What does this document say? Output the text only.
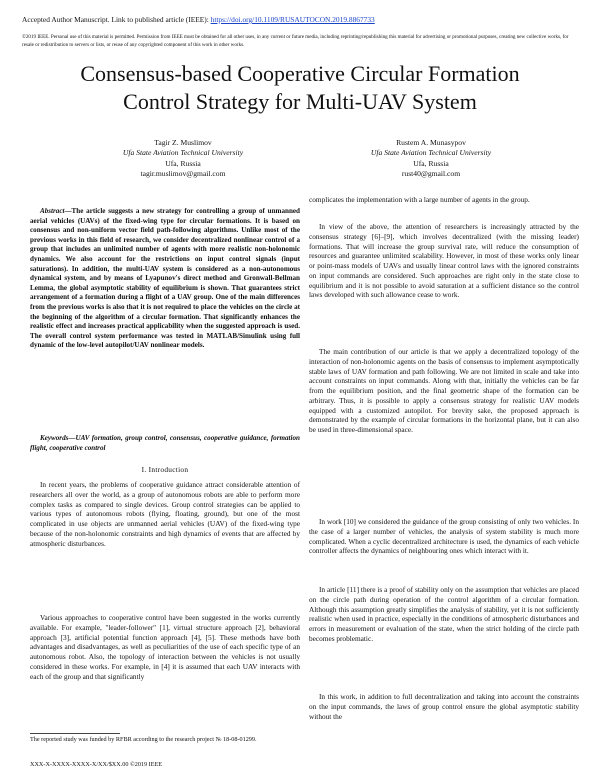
Accepted Author Manuscript. Link to published article (IEEE): https://doi.org/10.1109/RUSAUTOCON.2019.8867733
©2019 IEEE. Personal use of this material is permitted. Permission from IEEE must be obtained for all other uses, in any current or future media, including reprinting/republishing this material for advertising or promotional purposes, creating new collective works, for resale or redistribution to servers or lists, or reuse of any copyrighted component of this work in other works.
Consensus-based Cooperative Circular Formation
Control Strategy for Multi-UAV System
Tagir Z. Muslimov
Ufa State Aviation Technical University
Ufa, Russia
tagir.muslimov@gmail.com
Rustem A. Munasypov
Ufa State Aviation Technical University
Ufa, Russia
rust40@gmail.com

Abstract—The article suggests a new strategy for controlling a group of unmanned aerial vehicles (UAVs) of the fixed-wing type for circular formations. It is based on consensus and non-uniform vector field path-following algorithms. Unlike most of the previous works in this field of research, we consider decentralized nonlinear control of a group that includes an unlimited number of agents with more realistic non-holonomic dynamics. We also account for the restrictions on input control signals (input saturations). In addition, the multi-UAV system is considered as a non-autonomous dynamical system, and by means of Lyapunov's direct method and Gronwall-Bellman Lemma, the global asymptotic stability of equilibrium is shown. That guarantees strict arrangement of a formation during a flight of a UAV group. One of the main differences from the previous works is also that it is not required to place the vehicles on the circle at the beginning of the algorithm of a circular formation. That significantly enhances the realistic effect and increases practical applicability when the suggested approach is used. The overall control system performance was tested in MATLAB/Simulink using full dynamic of the low-level autopilot/UAV nonlinear models.

Keywords—UAV formation, group control, consensus, cooperative guidance, formation flight, cooperative control

I. Introduction

In recent years, the problems of cooperative guidance attract considerable attention of researchers all over the world, as a group of autonomous robots are able to perform more complex tasks as compared to single devices. Group control strategies can be applied to various types of autonomous robots (flying, floating, ground), but one of the most complicated in use objects are unmanned aerial vehicles (UAV) of the fixed-wing type because of the non-holonomic constraints and high dynamics of events that are affected by atmospheric disturbances.

Various approaches to cooperative control have been suggested in the works currently available. For example, "leader-follower" [1], virtual structure approach [2], behavioral approach [3], artificial potential function approach [4], [5]. These methods have both advantages and disadvantages, as well as peculiarities of the use of each specific type of an autonomous robot. Also, the topology of interaction between the vehicles is not usually considered in these works. For example, in [4] it is assumed that each UAV interacts with each of the group and that significantly

The reported study was funded by RFBR according to the research project № 18-08-01299.
XXX-X-XXXX-XXXX-X/XX/$XX.00 ©2019 IEEE

complicates the implementation with a large number of agents in the group.

In view of the above, the attention of researchers is increasingly attracted by the consensus strategy [6]–[9], which involves decentralized (with the missing leader) formations. That will increase the group survival rate, will reduce the consumption of resources and guarantee unlimited scalability. However, in most of these works only linear or point-mass models of UAVs and usually linear control laws with the ignored constraints on input commands are considered. Such approaches are right only in the state close to equilibrium and it is not possible to avoid saturation at a sufficient distance so the control laws developed with such allowance cease to work.

The main contribution of our article is that we apply a decentralized topology of the interaction of non-holonomic agents on the basis of consensus to implement asymptotically stable laws of UAV formation and path following. We are not limited in scale and take into account constraints on input commands. Along with that, initially the vehicles can be far from the equilibrium position, and the final geometric shape of the formation can be arbitrary. Thus, it is possible to apply a consensus strategy for realistic UAV models equipped with a customized autopilot. For brevity sake, the proposed approach is demonstrated by the example of circular formations in the horizontal plane, but it can also be used in three-dimensional space.

In work [10] we considered the guidance of the group consisting of only two vehicles. In the case of a larger number of vehicles, the analysis of system stability is much more complicated. When a cyclic decentralized architecture is used, the dynamics of each vehicle controller affects the dynamics of neighbouring ones which interact with it.

In article [11] there is a proof of stability only on the assumption that vehicles are placed on the circle path during operation of the control algorithm of a circular formation. Although this assumption greatly simplifies the analysis of stability, yet it is not sufficiently realistic when used in practice, especially in the conditions of atmospheric disturbances and errors in measurement or evaluation of the state, when the strict holding of the circle path becomes problematic.

In this work, in addition to full decentralization and taking into account the constraints on the input commands, the laws of group control ensure the global asymptotic stability without the
